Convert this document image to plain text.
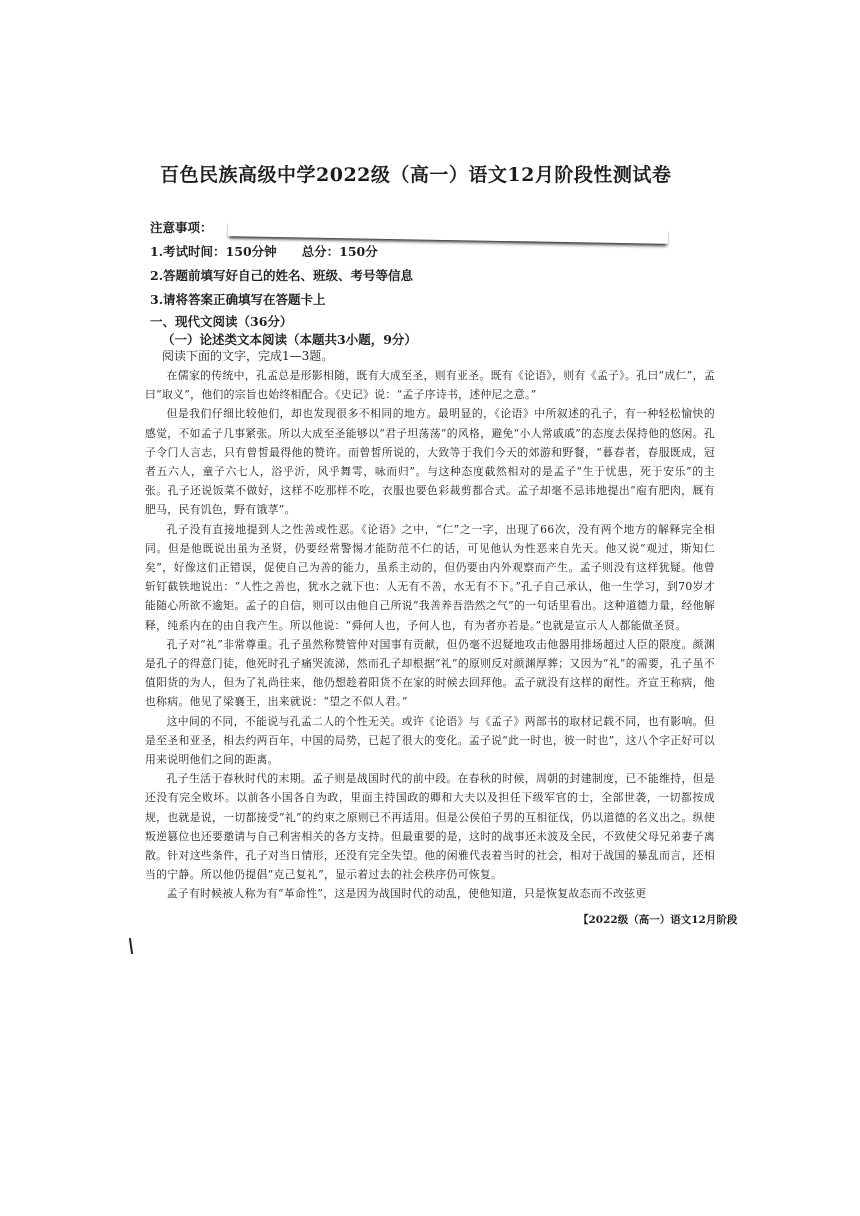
百色民族高级中学2022级（高一）语文12月阶段性测试卷
注意事项：
1.考试时间：150分钟　　总分：150分
2.答题前填写好自己的姓名、班级、考号等信息
3.请将答案正确填写在答题卡上
一、现代文阅读（36分）
（一）论述类文本阅读（本题共3小题，9分）
阅读下面的文字，完成1—3题。

在儒家的传统中，孔孟总是形影相随，既有大成至圣，则有亚圣。既有《论语》，则有《孟子》。孔曰“成仁”，孟曰“取义”，他们的宗旨也始终相配合。《史记》说：“孟子序诗书，述仲尼之意。”

但是我们仔细比较他们，却也发现很多不相同的地方。最明显的，《论语》中所叙述的孔子，有一种轻松愉快的感觉，不如孟子几事紧张。所以大成至圣能够以“君子坦荡荡”的风格，避免“小人常戚戚”的态度去保持他的悠闲。孔子令门人言志，只有曾皙最得他的赞许。而曾皙所说的，大致等于我们今天的郊游和野餐，“暮春者，春服既成，冠者五六人，童子六七人，浴乎沂，风乎舞雩，咏而归”。与这种态度截然相对的是孟子“生于忧患，死于安乐”的主张。孔子还说饭菜不做好，这样不吃那样不吃，衣服也要色彩裁剪都合式。孟子却毫不忌讳地提出“庖有肥肉，厩有肥马，民有饥色，野有饿莩”。

孔子没有直接地提到人之性善或性恶。《论语》之中，“仁”之一字，出现了66次，没有两个地方的解释完全相同。但是他既说出虽为圣贤，仍要经常警惕才能防范不仁的话，可见他认为性恶来自先天。他又说“观过，斯知仁矣”，好像这们正错误，促使自己为善的能力，虽系主动的，但仍要由内外观察而产生。孟子则没有这样犹疑。他曾斩钉截铁地说出：“人性之善也，犹水之就下也：人无有不善，水无有不下。”孔子自己承认，他一生学习，到70岁才能随心所欲不逾矩。孟子的自信，则可以由他自己所说“我善养吾浩然之气”的一句话里看出。这种道德力量，经他解释，纯系内在的由自我产生。所以他说：“舜何人也，予何人也，有为者亦若是。”也就是宣示人人都能做圣贤。

孔子对“礼”非常尊重。孔子虽然称赞管仲对国事有贡献，但仍毫不迟疑地攻击他器用排场超过人臣的限度。颜渊是孔子的得意门徒，他死时孔子痛哭流涕，然而孔子却根据“礼”的原则反对颜渊厚葬；又因为“礼”的需要，孔子虽不值阳货的为人，但为了礼尚往来，他仍想趁着阳货不在家的时候去回拜他。孟子就没有这样的耐性。齐宣王称病，他也称病。他见了梁襄王，出来就说：“望之不似人君。”

这中间的不同，不能说与孔孟二人的个性无关。或许《论语》与《孟子》两部书的取材记载不同，也有影响。但是至圣和亚圣，相去约两百年，中国的局势，已起了很大的变化。孟子说“此一时也，彼一时也”，这八个字正好可以用来说明他们之间的距离。

孔子生活于春秋时代的末期。孟子则是战国时代的前中段。在春秋的时候，周朝的封建制度，已不能维持，但是还没有完全败坏。以前各小国各自为政，里面主持国政的卿和大夫以及担任下级军官的士，全部世袭，一切都按成规，也就是说，一切都接受“礼”的约束之原则已不再适用。但是公侯伯子男的互相征伐，仍以道德的名义出之。纵使叛逆篡位也还要邀请与自己利害相关的各方支持。但最重要的是，这时的战事还未波及全民，不致使父母兄弟妻子离散。针对这些条件，孔子对当日情形，还没有完全失望。他的闲雅代表着当时的社会，相对于战国的暴乱而言，还相当的宁静。所以他仍提倡“克己复礼”，显示着过去的社会秩序仍可恢复。

孟子有时候被人称为有“革命性”，这是因为战国时代的动乱，使他知道，只是恢复故态而不改弦更

【2022级（高一）语文12月阶段
